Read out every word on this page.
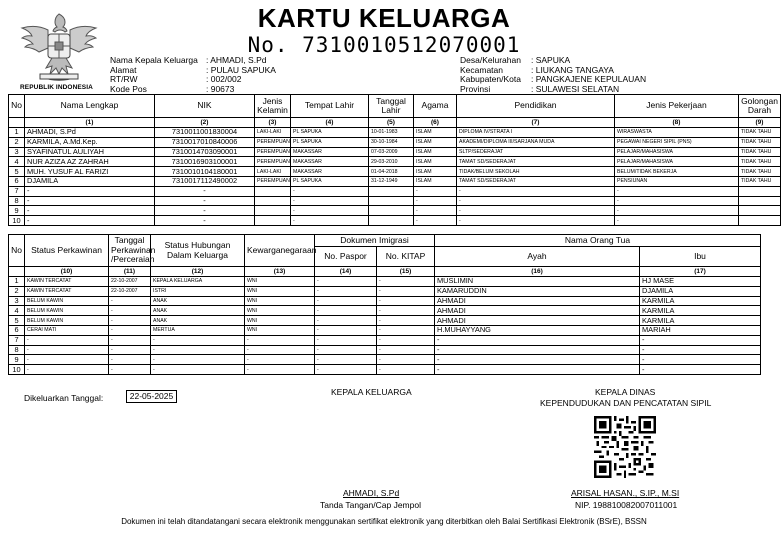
REPUBLIK INDONESIA
KARTU KELUARGA
No. 7310010512070001
Nama Kepala Keluarga : AHMADI, S.Pd
Alamat	: PULAU SAPUKA
RT/RW	: 002/002
Kode Pos	: 90673
Desa/Kelurahan	: SAPUKA
Kecamatan	: LIUKANG TANGAYA
Kabupaten/Kota	: PANGKAJENE KEPULAUAN
Provinsi	: SULAWESI SELATAN
No	Nama Lengkap	NIK	Jenis Kelamin	Tempat Lahir	Tanggal Lahir	Agama	Pendidikan	Jenis Pekerjaan	Golongan Darah
	(1)	(2)	(3)	(4)	(5)	(6)	(7)	(8)	(9)
1	AHMADI, S.Pd	7310011001830004	LAKI-LAKI	PL SAPUKA	10-01-1983	ISLAM	DIPLOMA IV/STRATA I	WIRASWASTA	TIDAK TAHU
2	KARMILA, A.Md.Kep.	7310017010840006	PEREMPUAN	PL SAPUKA	30-10-1984	ISLAM	AKADEMI/DIPLOMA III/SARJANA MUDA	PEGAWAI NEGERI SIPIL (PNS)	TIDAK TAHU
3	SYAFINATUL AULIYAH	7310014703090001	PEREMPUAN	MAKASSAR	07-03-2009	ISLAM	SLTP/SEDERAJAT	PELAJAR/MAHASISWA	TIDAK TAHU
4	NUR AZIZA AZ ZAHRAH	7310016903100001	PEREMPUAN	MAKASSAR	29-03-2010	ISLAM	TAMAT SD/SEDERAJAT	PELAJAR/MAHASISWA	TIDAK TAHU
5	MUH. YUSUF AL FARIZI	7310010104180001	LAKI-LAKI	MAKASSAR	01-04-2018	ISLAM	TIDAK/BELUM SEKOLAH	BELUM/TIDAK BEKERJA	TIDAK TAHU
6	DJAMILA	7310017112490002	PEREMPUAN	PL SAPUKA	31-12-1949	ISLAM	TAMAT SD/SEDERAJAT	PENSIUNAN	TIDAK TAHU
7	-	-		-		-	-	-	
8	-	-		-		-	-	-	
9	-	-		-		-	-	-	
10	-	-		-		-	-	-	
No	Status Perkawinan	Tanggal Perkawinan /Perceraian	Status Hubungan Dalam Keluarga	Kewarganegaraan	Dokumen Imigrasi		Nama Orang Tua	
					No. Paspor	No. KITAP	Ayah	Ibu
	(10)	(11)	(12)	(13)	(14)	(15)	(16)	(17)
1	KAWIN TERCATAT	22-10-2007	KEPALA KELUARGA	WNI	-	-	MUSLIMIN	HJ MASE
2	KAWIN TERCATAT	22-10-2007	ISTRI	WNI	-	-	KAMARUDDIN	DJAMILA
3	BELUM KAWIN	-	ANAK	WNI	-	-	AHMADI	KARMILA
4	BELUM KAWIN	-	ANAK	WNI	-	-	AHMADI	KARMILA
5	BELUM KAWIN	-	ANAK	WNI	-	-	AHMADI	KARMILA
6	CERAI MATI	-	MERTUA	WNI	-	-	H.MUHAYYANG	MARIAH
7	-	-	-	-	-	-	-	-
8	-	-	-	-	-	-	-	-
9	-	-	-	-	-	-	-	-
10	-	-	-	-	-	-	-	-
Dikeluarkan Tanggal:	22-05-2025	KEPALA KELUARGA
AHMADI, S.Pd
Tanda Tangan/Cap Jempol
KEPALA DINAS
KEPENDUDUKAN DAN PENCATATAN SIPIL
ARISAL HASAN., S.IP., M.SI
NIP. 198810082007011001
Dokumen ini telah ditandatangani secara elektronik menggunakan sertifikat elektronik yang diterbitkan oleh Balai Sertifikasi Elektronik (BSrE), BSSN
